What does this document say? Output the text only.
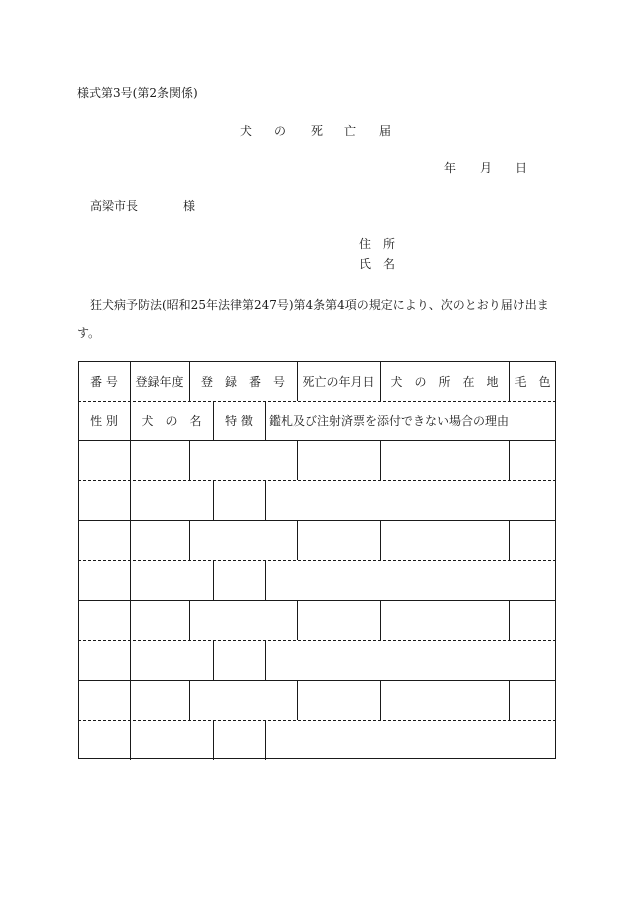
様式第3号(第2条関係)
犬 の 死 亡 届
年 月 日
高梁市長	様
住　所
氏　名
狂犬病予防法(昭和25年法律第247号)第4条第4項の規定により、次のとおり届け出ま
す。
番 号	登録年度	登　録　番　号	死亡の年月日	犬　の　所　在　地	毛　色
性 別	犬　の　名	特 徴	鑑札及び注射済票を添付できない場合の理由
